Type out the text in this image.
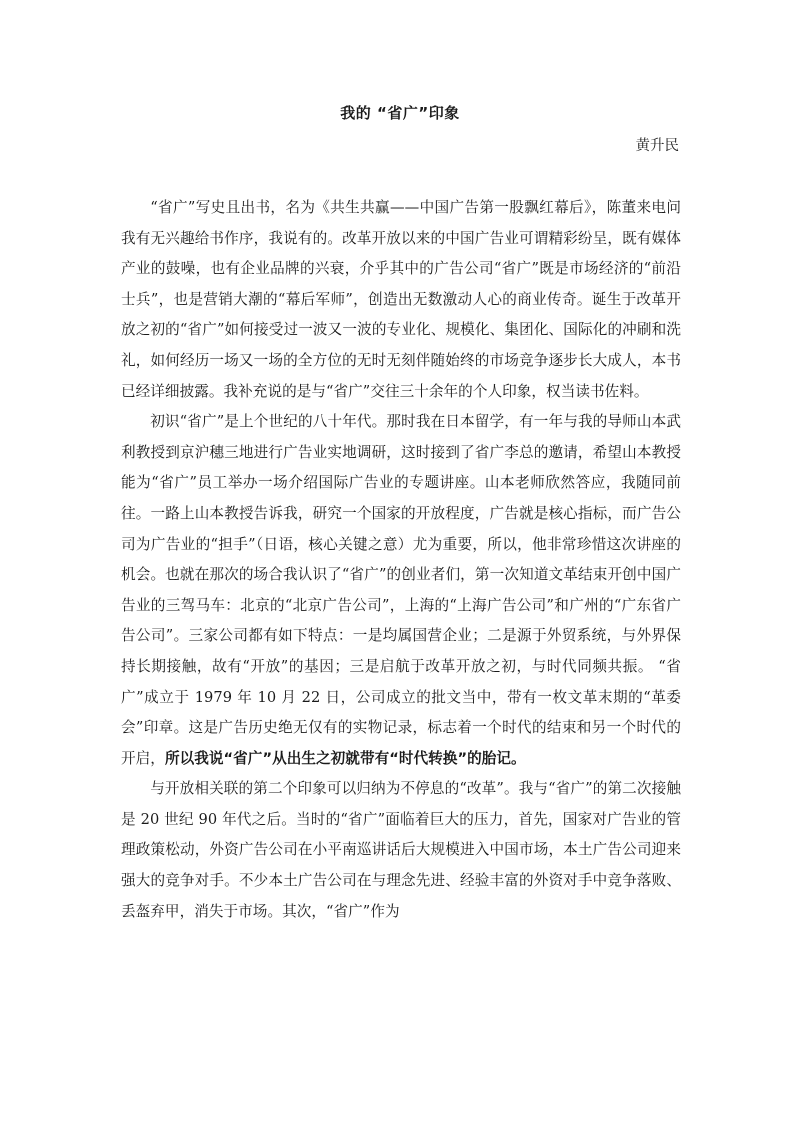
我的 “省广”印象
黄升民

“省广”写史且出书，名为《共生共赢——中国广告第一股飘红幕后》，陈董来电问我有无兴趣给书作序，我说有的。改革开放以来的中国广告业可谓精彩纷呈，既有媒体产业的鼓噪，也有企业品牌的兴衰，介乎其中的广告公司“省广”既是市场经济的“前沿士兵”，也是营销大潮的“幕后军师”，创造出无数激动人心的商业传奇。诞生于改革开放之初的“省广”如何接受过一波又一波的专业化、规模化、集团化、国际化的冲刷和洗礼，如何经历一场又一场的全方位的无时无刻伴随始终的市场竞争逐步长大成人，本书已经详细披露。我补充说的是与“省广”交往三十余年的个人印象，权当读书佐料。

初识“省广”是上个世纪的八十年代。那时我在日本留学，有一年与我的导师山本武利教授到京沪穗三地进行广告业实地调研，这时接到了省广李总的邀请，希望山本教授能为“省广”员工举办一场介绍国际广告业的专题讲座。山本老师欣然答应，我随同前往。一路上山本教授告诉我，研究一个国家的开放程度，广告就是核心指标，而广告公司为广告业的“担手”（日语，核心关键之意）尤为重要，所以，他非常珍惜这次讲座的机会。也就在那次的场合我认识了“省广”的创业者们，第一次知道文革结束开创中国广告业的三驾马车：北京的“北京广告公司”，上海的“上海广告公司”和广州的“广东省广告公司”。三家公司都有如下特点：一是均属国营企业；二是源于外贸系统，与外界保持长期接触，故有“开放”的基因；三是启航于改革开放之初，与时代同频共振。 “省广”成立于 1979 年 10 月 22 日，公司成立的批文当中，带有一枚文革末期的“革委会”印章。这是广告历史绝无仅有的实物记录，标志着一个时代的结束和另一个时代的开启，所以我说“省广”从出生之初就带有“时代转换”的胎记。

与开放相关联的第二个印象可以归纳为不停息的“改革”。我与“省广”的第二次接触是 20 世纪 90 年代之后。当时的“省广”面临着巨大的压力，首先，国家对广告业的管理政策松动，外资广告公司在小平南巡讲话后大规模进入中国市场，本土广告公司迎来强大的竞争对手。不少本土广告公司在与理念先进、经验丰富的外资对手中竞争落败、丢盔弃甲，消失于市场。其次，“省广”作为
